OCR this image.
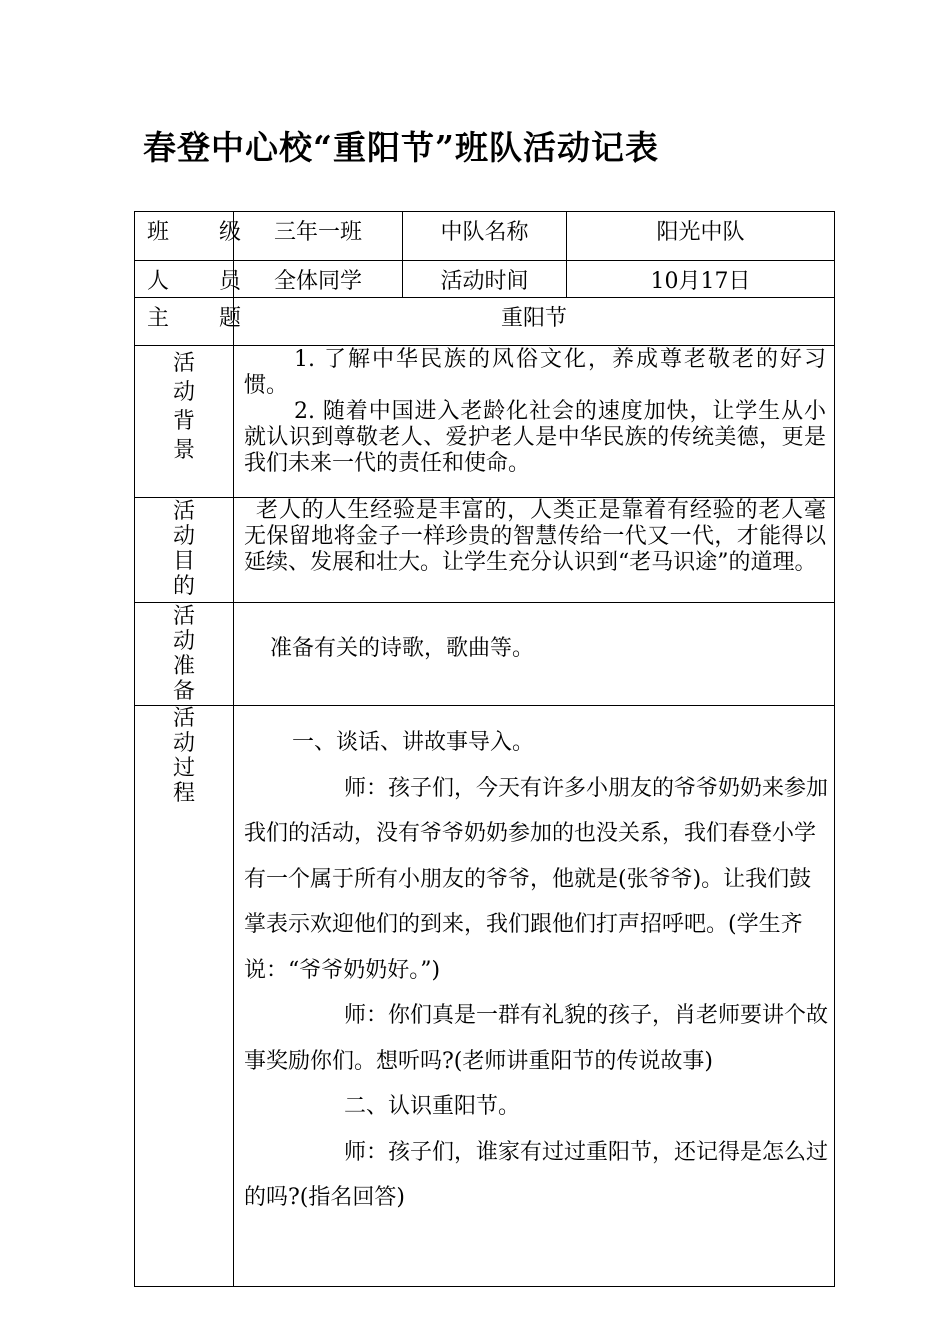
春登中心校“重阳节”班队活动记表
班　级	三年一班	中队名称	阳光中队
人　员	全体同学	活动时间	10月17日
主　题	重阳节		

活动背景	1. 了解中华民族的风俗文化，养成尊老敬老的好习惯。

2. 随着中国进入老龄化社会的速度加快，让学生从小就认识到尊敬老人、爱护老人是中华民族的传统美德，更是我们未来一代的责任和使命。		

活动目的	老人的人生经验是丰富的，人类正是靠着有经验的老人毫无保留地将金子一样珍贵的智慧传给一代又一代，才能得以延续、发展和壮大。让学生充分认识到“老马识途”的道理。		

活动准备	准备有关的诗歌，歌曲等。		

活动过程	一、谈话、讲故事导入。

师：孩子们，今天有许多小朋友的爷爷奶奶来参加我们的活动，没有爷爷奶奶参加的也没关系，我们春登小学有一个属于所有小朋友的爷爷，他就是(张爷爷)。让我们鼓掌表示欢迎他们的到来，我们跟他们打声招呼吧。(学生齐说：“爷爷奶奶好。”)

师：你们真是一群有礼貌的孩子，肖老师要讲个故事奖励你们。想听吗?(老师讲重阳节的传说故事)

二、认识重阳节。

师：孩子们，谁家有过过重阳节，还记得是怎么过的吗?(指名回答)		
